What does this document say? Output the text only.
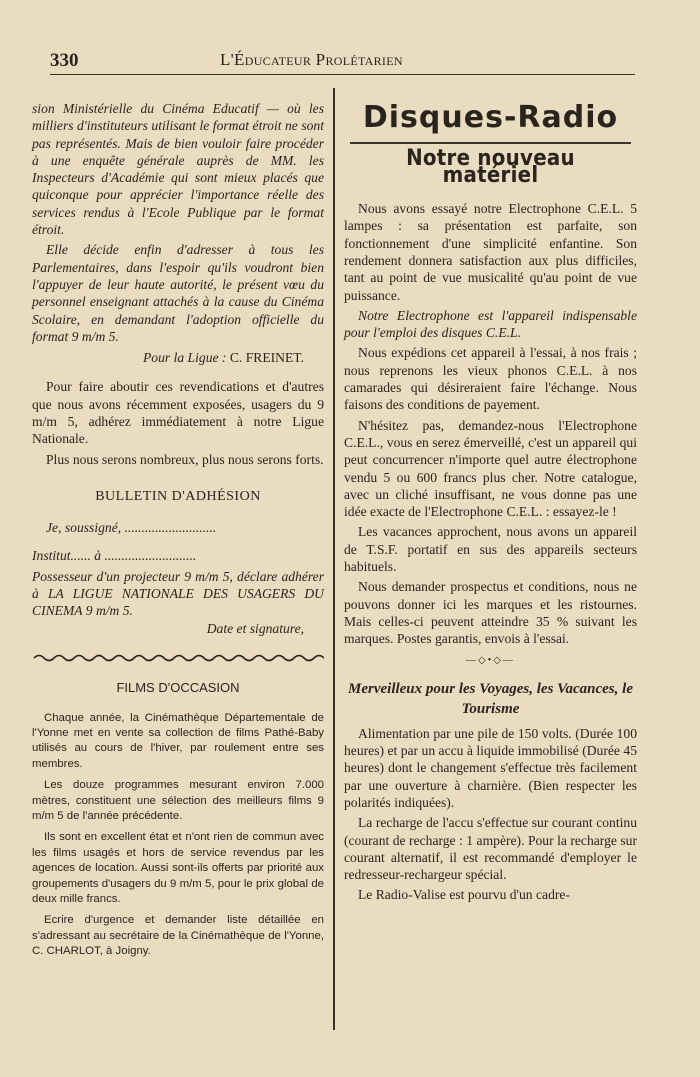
330	L'Éducateur Prolétarien

sion Ministérielle du Cinéma Educatif — où les milliers d'instituteurs utilisant le format étroit ne sont pas représentés. Mais de bien vouloir faire procéder à une enquête générale auprès de MM. les Inspecteurs d'Académie qui sont mieux placés que quiconque pour apprécier l'importance réelle des services rendus à l'Ecole Publique par le format étroit.

Elle décide enfin d'adresser à tous les Parlementaires, dans l'espoir qu'ils voudront bien l'appuyer de leur haute autorité, le présent vœu du personnel enseignant attachés à la cause du Cinéma Scolaire, en demandant l'adoption officielle du format 9 m/m 5.

Pour la Ligue : C. FREINET.

Pour faire aboutir ces revendications et d'autres que nous avons récemment exposées, usagers du 9 m/m 5, adhérez immédiatement à notre Ligue Nationale.

Plus nous serons nombreux, plus nous serons forts.

BULLETIN D'ADHÉSION

Je, soussigné, ...........................

Institut...... à ...........................

Possesseur d'un projecteur 9 m/m 5, déclare adhérer à LA LIGUE NATIONALE DES USAGERS DU CINEMA 9 m/m 5.

Date et signature,

FILMS D'OCCASION

Chaque année, la Cinémathèque Départementale de l'Yonne met en vente sa collection de films Pathé-Baby utilisés au cours de l'hiver, par roulement entre ses membres.

Les douze programmes mesurant environ 7.000 mètres, constituent une sélection des meilleurs films 9 m/m 5 de l'année précédente.

Ils sont en excellent état et n'ont rien de commun avec les films usagés et hors de service revendus par les agences de location. Aussi sont-ils offerts par priorité aux groupements d'usagers du 9 m/m 5, pour le prix global de deux mille francs.

Ecrire d'urgence et demander liste détaillée en s'adressant au secrétaire de la Cinémathèque de l'Yonne, C. CHARLOT, à Joigny.

Disques-Radio
Notre nouveau matériel

Nous avons essayé notre Electrophone C.E.L. 5 lampes : sa présentation est parfaite, son fonctionnement d'une simplicité enfantine. Son rendement donnera satisfaction aux plus difficiles, tant au point de vue musicalité qu'au point de vue puissance.

Notre Electrophone est l'appareil indispensable pour l'emploi des disques C.E.L.

Nous expédions cet appareil à l'essai, à nos frais ; nous reprenons les vieux phonos C.E.L. à nos camarades qui désireraient faire l'échange. Nous faisons des conditions de payement.

N'hésitez pas, demandez-nous l'Electrophone C.E.L., vous en serez émerveillé, c'est un appareil qui peut concurrencer n'importe quel autre électrophone vendu 5 ou 600 francs plus cher. Notre catalogue, avec un cliché insuffisant, ne vous donne pas une idée exacte de l'Electrophone C.E.L. : essayez-le !

Les vacances approchent, nous avons un appareil de T.S.F. portatif en sus des appareils secteurs habituels.

Nous demander prospectus et conditions, nous ne pouvons donner ici les marques et les ristournes. Mais celles-ci peuvent atteindre 35 % suivant les marques. Postes garantis, envois à l'essai.

—◇•◇—
Merveilleux pour les Voyages, les Vacances, le Tourisme

Alimentation par une pile de 150 volts. (Durée 100 heures) et par un accu à liquide immobilisé (Durée 45 heures) dont le changement s'effectue très facilement par une ouverture à charnière. (Bien respecter les polarités indiquées).

La recharge de l'accu s'effectue sur courant continu (courant de recharge : 1 ampère). Pour la recharge sur courant alternatif, il est recommandé d'employer le redresseur-rechargeur spécial.

Le Radio-Valise est pourvu d'un cadre-
